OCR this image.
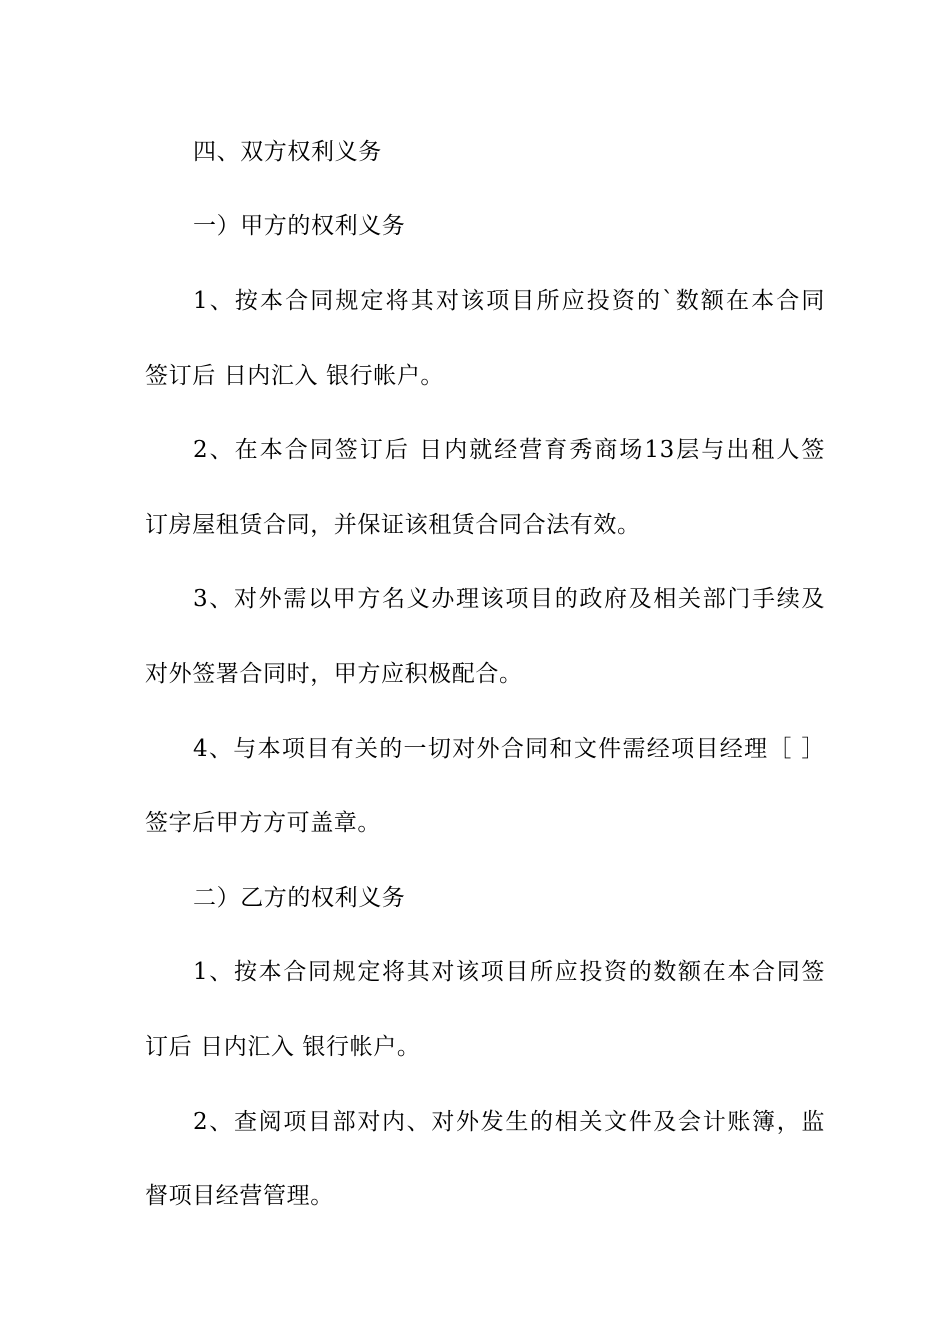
四、双方权利义务
一）甲方的权利义务
1、按本合同规定将其对该项目所应投资的`数额在本合同
签订后 日内汇入 银行帐户。
2、在本合同签订后 日内就经营育秀商场13层与出租人签
订房屋租赁合同，并保证该租赁合同合法有效。
3、对外需以甲方名义办理该项目的政府及相关部门手续及
对外签署合同时，甲方应积极配合。
4、与本项目有关的一切对外合同和文件需经项目经理［ ］
签字后甲方方可盖章。
二）乙方的权利义务
1、按本合同规定将其对该项目所应投资的数额在本合同签
订后 日内汇入 银行帐户。
2、查阅项目部对内、对外发生的相关文件及会计账簿，监
督项目经营管理。
